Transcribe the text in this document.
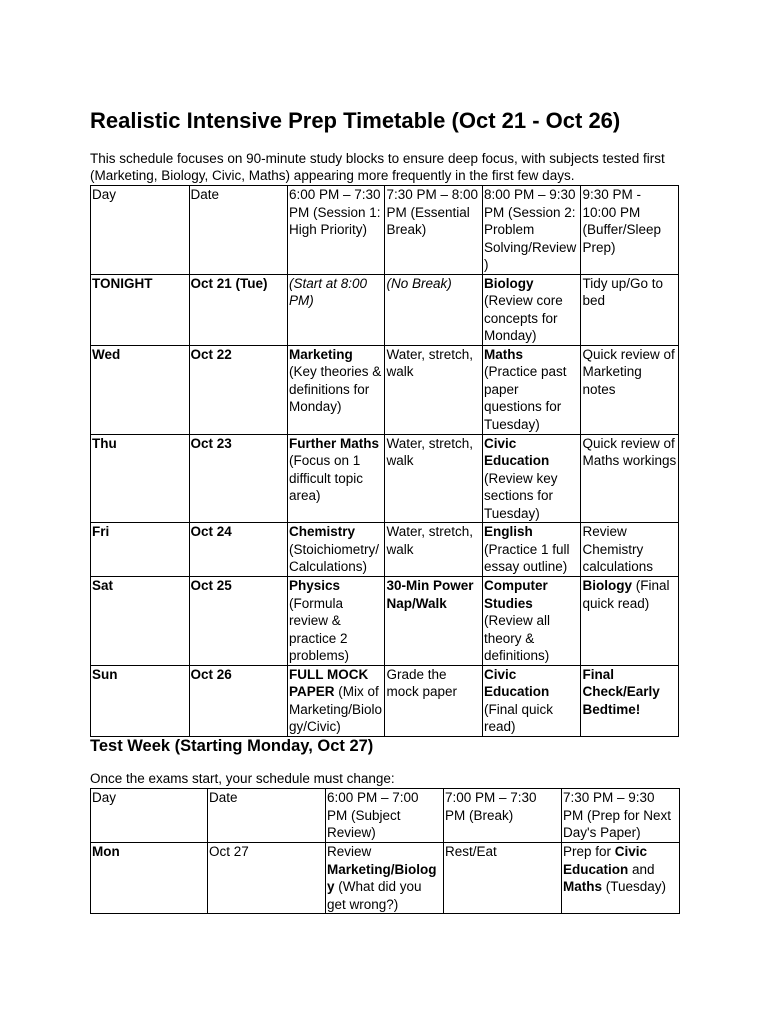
Realistic Intensive Prep Timetable (Oct 21 - Oct 26)
This schedule focuses on 90-minute study blocks to ensure deep focus, with subjects tested first (Marketing, Biology, Civic, Maths) appearing more frequently in the first few days.
Day	Date	6:00 PM – 7:30 PM (Session 1: High Priority)	7:30 PM – 8:00 PM (Essential Break)	8:00 PM – 9:30 PM (Session 2: Problem Solving/Review )	9:30 PM - 10:00 PM (Buffer/Sleep Prep)
TONIGHT	Oct 21 (Tue)	(Start at 8:00 PM)	(No Break)	Biology (Review core concepts for Monday)	Tidy up/Go to bed
Wed	Oct 22	Marketing (Key theories & definitions for Monday)	Water, stretch, walk	Maths (Practice past paper questions for Tuesday)	Quick review of Marketing notes
Thu	Oct 23	Further Maths (Focus on 1 difficult topic area)	Water, stretch, walk	Civic Education (Review key sections for Tuesday)	Quick review of Maths workings
Fri	Oct 24	Chemistry (Stoichiometry/ Calculations)	Water, stretch, walk	English (Practice 1 full essay outline)	Review Chemistry calculations
Sat	Oct 25	Physics (Formula review & practice 2 problems)	30-Min Power Nap/Walk	Computer Studies (Review all theory & definitions)	Biology (Final quick read)
Sun	Oct 26	FULL MOCK PAPER (Mix of Marketing/Biology/Civic)	Grade the mock paper	Civic Education (Final quick read)	Final Check/Early Bedtime!
Test Week (Starting Monday, Oct 27)
Once the exams start, your schedule must change:
Day	Date	6:00 PM – 7:00 PM (Subject Review)	7:00 PM – 7:30 PM (Break)	7:30 PM – 9:30 PM (Prep for Next Day's Paper)
Mon	Oct 27	Review Marketing/Biology (What did you get wrong?)	Rest/Eat	Prep for Civic Education and Maths (Tuesday)
